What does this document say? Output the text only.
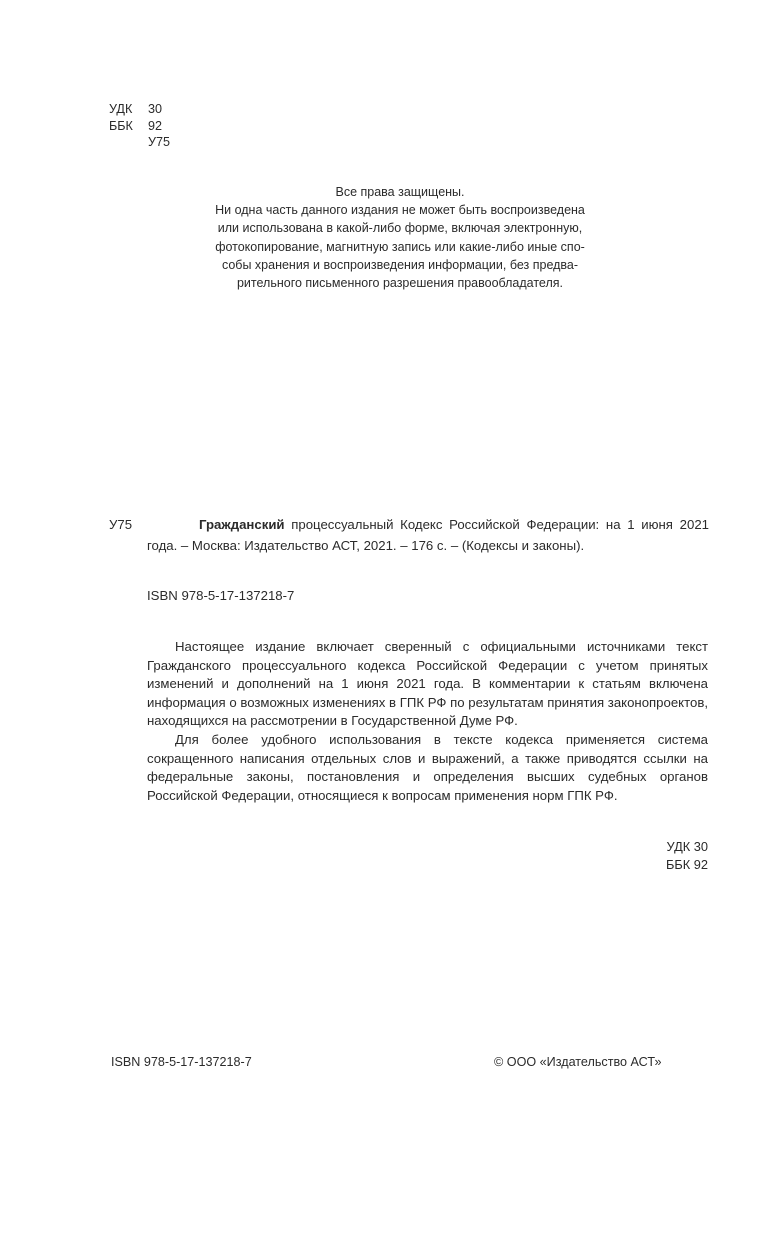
УДК 30
ББК 92
У75
Все права защищены.
Ни одна часть данного издания не может быть воспроизведена
или использована в какой-либо форме, включая электронную,
фотокопирование, магнитную запись или какие-либо иные спо-
собы хранения и воспроизведения информации, без предва-
рительного письменного разрешения правообладателя.
У75	Гражданский процессуальный Кодекс Российской Федерации: на 1 июня 2021 года. – Москва: Издательство АСТ, 2021. – 176 с. – (Кодексы и законы).

ISBN 978-5-17-137218-7

Настоящее издание включает сверенный с официальными источниками текст Гражданского процессуального кодекса Российской Федерации с учетом принятых изменений и дополнений на 1 июня 2021 года. В комментарии к статьям включена информация о возможных изменениях в ГПК РФ по результатам принятия законопроектов, находящихся на рассмотрении в Государственной Думе РФ.

Для более удобного использования в тексте кодекса применяется система сокращенного написания отдельных слов и выражений, а также приводятся ссылки на федеральные законы, постановления и определения высших судебных органов Российской Федерации, относящиеся к вопросам применения норм ГПК РФ.

УДК 30
ББК 92
ISBN 978-5-17-137218-7	© ООО «Издательство АСТ»
